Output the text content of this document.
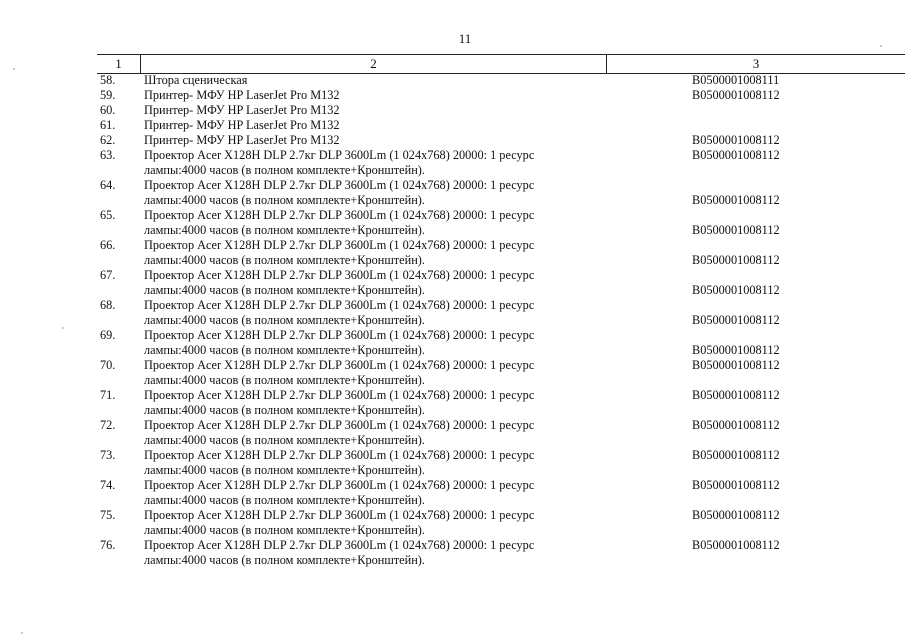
11
1	2	3
58. Штора сценическая	B0500001008111
59. Принтер- МФУ HP LaserJet Pro M132	B0500001008112
60. Принтер- МФУ HP LaserJet Pro M132
61. Принтер- МФУ HP LaserJet Pro M132
62. Принтер- МФУ HP LaserJet Pro M132	B0500001008112
63. Проектор Acer X128H DLP 2.7кг DLP 3600Lm (1 024x768) 20000: 1 ресурс
лампы:4000 часов (в полном комплекте+Кронштейн).
B0500001008112
64. Проектор Acer X128H DLP 2.7кг DLP 3600Lm (1 024x768) 20000: 1 ресурс
лампы:4000 часов (в полном комплекте+Кронштейн).	B0500001008112
65. Проектор Acer X128H DLP 2.7кг DLP 3600Lm (1 024x768) 20000: 1 ресурс
лампы:4000 часов (в полном комплекте+Кронштейн).	B0500001008112
66. Проектор Acer X128H DLP 2.7кг DLP 3600Lm (1 024x768) 20000: 1 ресурс
лампы:4000 часов (в полном комплекте+Кронштейн).	B0500001008112
67. Проектор Acer X128H DLP 2.7кг DLP 3600Lm (1 024x768) 20000: 1 ресурс
лампы:4000 часов (в полном комплекте+Кронштейн).	B0500001008112
68. Проектор Acer X128H DLP 2.7кг DLP 3600Lm (1 024x768) 20000: 1 ресурс
лампы:4000 часов (в полном комплекте+Кронштейн).	B0500001008112
69. Проектор Acer X128H DLP 2.7кг DLP 3600Lm (1 024x768) 20000: 1 ресурс
лампы:4000 часов (в полном комплекте+Кронштейн).	B0500001008112
70. Проектор Acer X128H DLP 2.7кг DLP 3600Lm (1 024x768) 20000: 1 ресурс
лампы:4000 часов (в полном комплекте+Кронштейн).
B0500001008112
71. Проектор Acer X128H DLP 2.7кг DLP 3600Lm (1 024x768) 20000: 1 ресурс
лампы:4000 часов (в полном комплекте+Кронштейн).
B0500001008112
72. Проектор Acer X128H DLP 2.7кг DLP 3600Lm (1 024x768) 20000: 1 ресурс
лампы:4000 часов (в полном комплекте+Кронштейн).
B0500001008112
73. Проектор Acer X128H DLP 2.7кг DLP 3600Lm (1 024x768) 20000: 1 ресурс
лампы:4000 часов (в полном комплекте+Кронштейн).
B0500001008112
74. Проектор Acer X128H DLP 2.7кг DLP 3600Lm (1 024x768) 20000: 1 ресурс
лампы:4000 часов (в полном комплекте+Кронштейн).
B0500001008112
75. Проектор Acer X128H DLP 2.7кг DLP 3600Lm (1 024x768) 20000: 1 ресурс
лампы:4000 часов (в полном комплекте+Кронштейн).
B0500001008112
76. Проектор Acer X128H DLP 2.7кг DLP 3600Lm (1 024x768) 20000: 1 ресурс
лампы:4000 часов (в полном комплекте+Кронштейн).
B0500001008112
